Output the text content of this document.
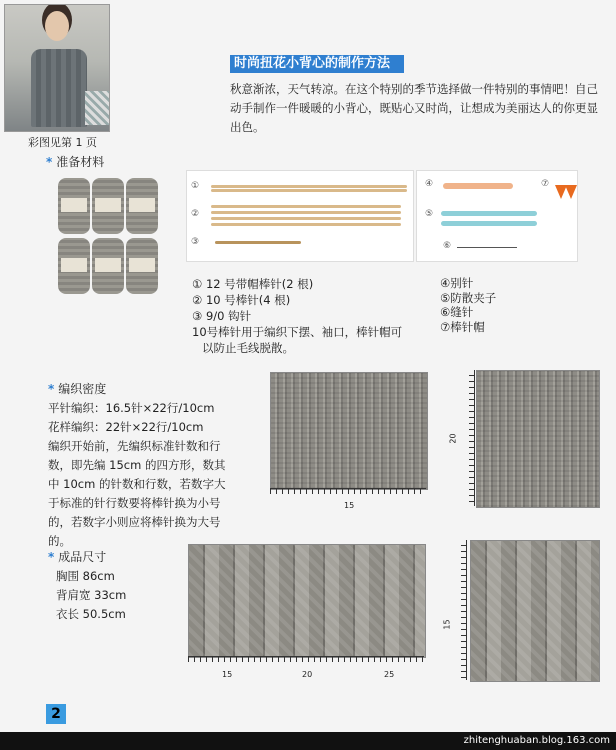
彩图见第 1 页
时尚扭花小背心的制作方法
秋意渐浓，天气转凉。在这个特别的季节选择做一件特别的事情吧！自己动手制作一件暖暖的小背心，既贴心又时尚，让想成为美丽达人的你更显出色。
* 准备材料
①
②
③
④	⑦
⑤
⑥
① 12 号带帽棒针(2 根)
② 10 号棒针(4 根)
③ 9/0 钩针
10号棒针用于编织下摆、袖口，棒针帽可
以防止毛线脱散。
④别针
⑤防散夹子
⑥缝针
⑦棒针帽
* 编织密度
平针编织：16.5针×22行/10cm
花样编织：22针×22行/10cm
编织开始前，先编织标准针数和行数，即先编 15cm 的四方形，数其中 10cm 的针数和行数，若数字大于标准的针行数要将棒针换为小号的，若数字小则应将棒针换为大号的。
15
20
* 成品尺寸
胸围 86cm
背肩宽 33cm
衣长 50.5cm
15	20	25
15
2
zhitenghuaban.blog.163.com
